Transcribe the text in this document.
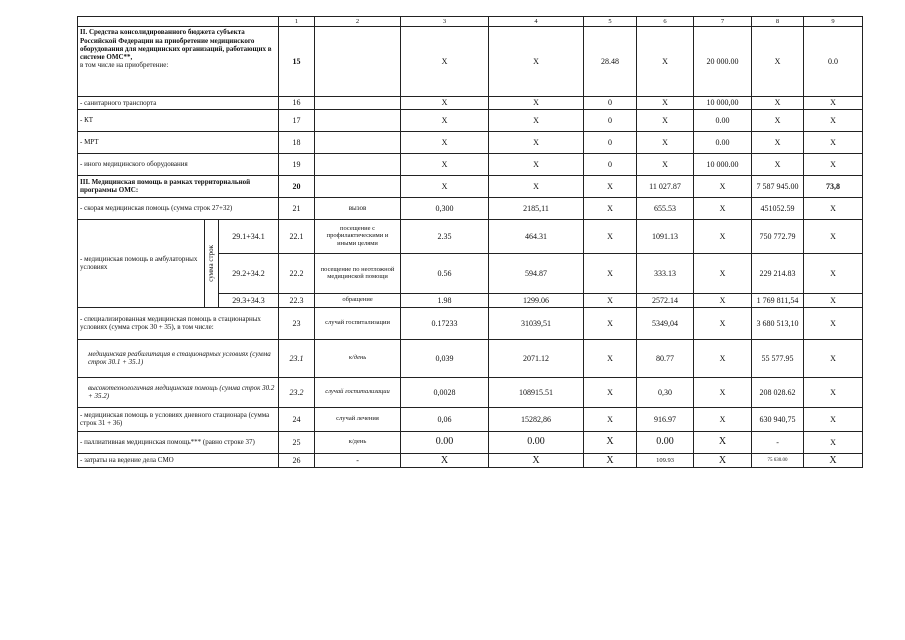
			1	2	3	4	5	6	7	8	9

II. Средства консолидированного бюджета субъекта Российской Федерации на приобретение медицинского оборудования для медицинских организаций, работающих в системе ОМС**,
в том числе на приобретение:			15		X	X	28.48	X	20 000.00	X	0.0
- санитарного транспорта			16		X	X	0	X	10 000,00	X	X
- КТ			17		X	X	0	X	0.00	X	X
- МРТ			18		X	X	0	X	0.00	X	X
- иного медицинского оборудования			19		X	X	0	X	10 000.00	X	X
III. Медицинская помощь в рамках территориальной программы ОМС:			20		X	X	X	11 027.87	X	7 587 945.00	73,8
- скорая медицинская помощь (сумма строк 27+32)			21	вызов	0,300	2185,11	X	655.53	X	451052.59	X
- медицинская помощь в амбулаторных условиях	сумма строк	29.1+34.1	22.1	посещение с профилактическими и иными целями	2.35	464.31	X	1091.13	X	750 772.79	X
		29.2+34.2	22.2	посещение по неотложной медицинской помощи	0.56	594.87	X	333.13	X	229 214.83	X
		29.3+34.3	22.3	обращение	1.98	1299.06	X	2572.14	X	1 769 811,54	X
- специализированная медицинская помощь в стационарных условиях (сумма строк 30 + 35), в том числе:			23	случай госпитализации	0.17233	31039,51	X	5349,04	X	3 680 513,10	X
медицинская реабилитация в стационарных условиях (сумма строк 30.1 + 35.1)			23.1	к/день	0,039	2071.12	X	80.77	X	55 577.95	X
высокотехнологичная медицинская помощь (сумма строк 30.2 + 35.2)			23.2	случай госпитализации	0,0028	108915.51	X	0,30	X	208 028.62	X
- медицинская помощь в условиях дневного стационара (сумма строк 31 + 36)			24	случай лечения	0,06	15282,86	X	916.97	X	630 940,75	X
- паллиативная медицинская помощь*** (равно строке 37)			25	к/день	0.00	0.00	X	0.00	X	-	X
- затраты на ведение дела СМО			26	-	X	X	X	109.93	X	75 630.00	X
